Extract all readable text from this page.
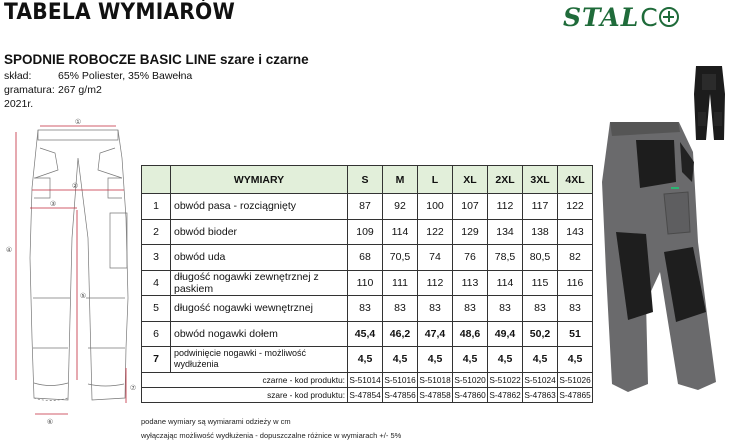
TABELA WYMIARÓW	STAL C
SPODNIE ROBOCZE BASIC LINE szare i czarne
skład:	65% Poliester, 35% Bawełna
gramatura: 267 g/m2
2021r.
①
②
③
④
⑤
⑥
⑦
	WYMIARY	S	M	L	XL	2XL	3XL	4XL
1	obwód pasa - rozciągnięty	87	92	100	107	112	117	122
2	obwód bioder	109	114	122	129	134	138	143
3	obwód uda	68	70,5	74	76	78,5	80,5	82
4	długość nogawki zewnętrznej z paskiem	110	111	112	113	114	115	116
5	długość nogawki wewnętrznej	83	83	83	83	83	83	83
6	obwód nogawki dołem	45,4	46,2	47,4	48,6	49,4	50,2	51
7	podwinięcie nogawki - możliwość wydłużenia	4,5	4,5	4,5	4,5	4,5	4,5	4,5
czarne - kod produktu:		S-51014	S-51016	S-51018	S-51020	S-51022	S-51024	S-51026
szare - kod produktu:		S-47854	S-47856	S-47858	S-47860	S-47862	S-47863	S-47865
podane wymiary są wymiarami odzieży w cm
wyłączając możliwość wydłużenia - dopuszczalne różnice w wymiarach +/- 5%
